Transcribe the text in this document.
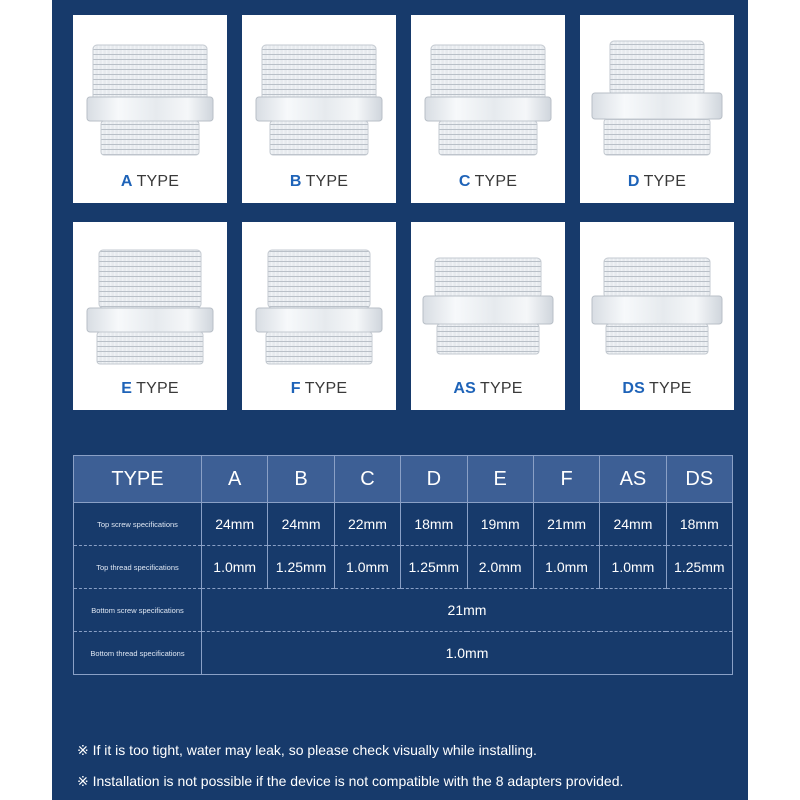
A TYPE	B TYPE	C TYPE	D TYPE
E TYPE	F TYPE	AS TYPE	DS TYPE
TYPE	A	B	C	D	E	F	AS	DS
Top screw specifications	24mm	24mm	22mm	18mm	19mm	21mm	24mm	18mm
Top thread specifications	1.0mm	1.25mm	1.0mm	1.25mm	2.0mm	1.0mm	1.0mm	1.25mm
Bottom screw specifications	21mm							
Bottom thread specifications	1.0mm							
※ If it is too tight, water may leak, so please check visually while installing.
※ Installation is not possible if the device is not compatible with the 8 adapters provided.
